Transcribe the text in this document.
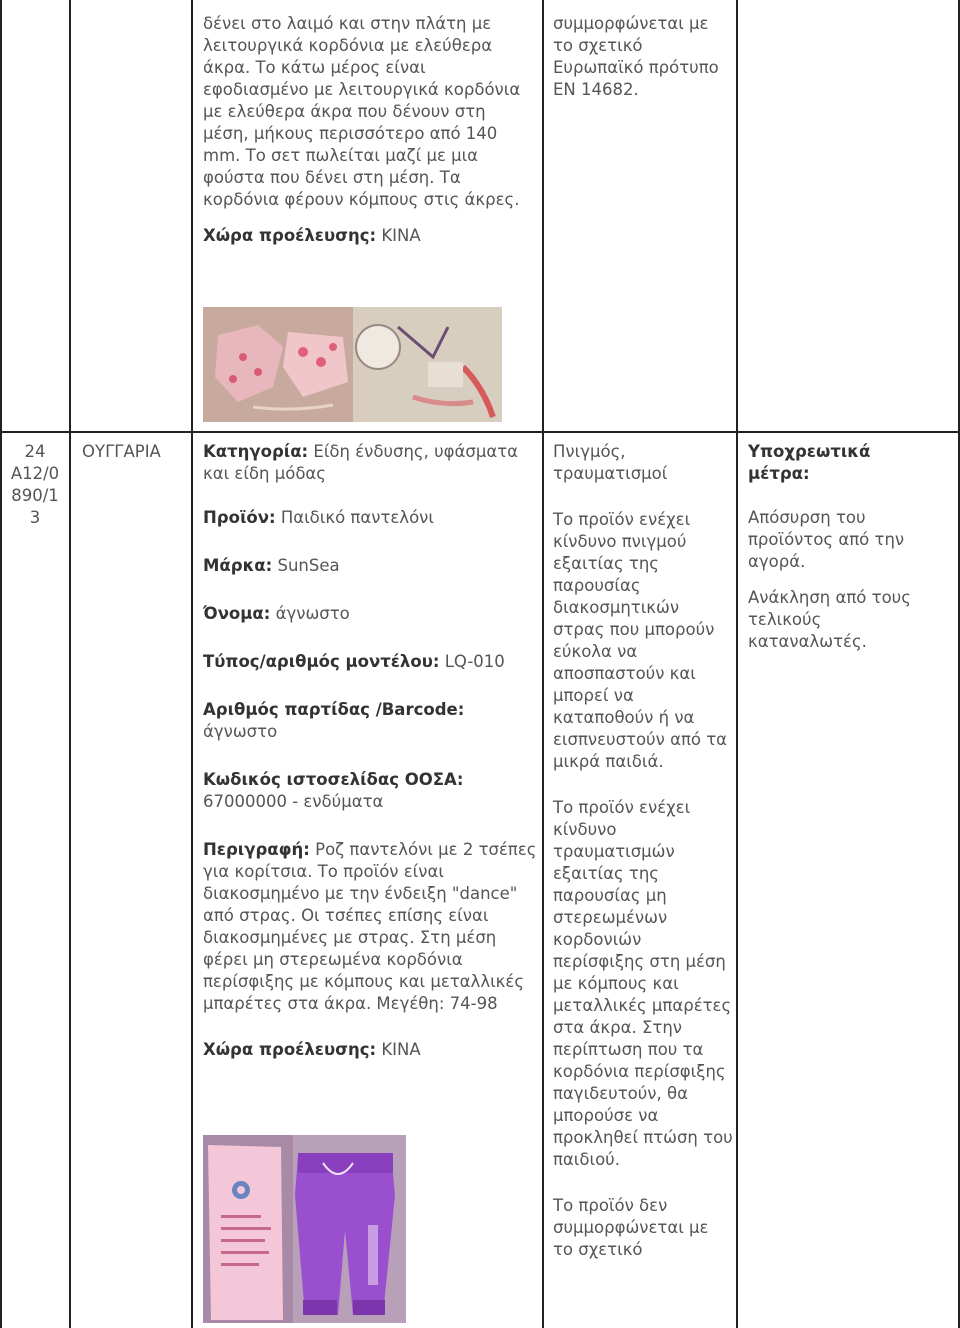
δένει στο λαιμό και στην πλάτη με λειτουργικά κορδόνια με ελεύθερα άκρα. Το κάτω μέρος είναι εφοδιασμένο με λειτουργικά κορδόνια με ελεύθερα άκρα που δένουν στη μέση, μήκους περισσότερο από 140 mm. Το σετ πωλείται μαζί με μια φούστα που δένει στη μέση. Τα κορδόνια φέρουν κόμπους στις άκρες.

Χώρα προέλευσης: ΚΙΝΑ

συμμορφώνεται με το σχετικό Ευρωπαϊκό πρότυπο EN 14682.

24

A12/0 890/1 3

ΟΥΓΓΑΡΙΑ	Κατηγορία: Είδη ένδυσης, υφάσματα και είδη μόδας

Προϊόν: Παιδικό παντελόνι

Μάρκα: SunSea

Όνομα: άγνωστο

Τύπος/αριθμός μοντέλου: LQ-010

Αριθμός παρτίδας /Barcode:
άγνωστο

Κωδικός ιστοσελίδας ΟΟΣΑ:
67000000 - ενδύματα

Περιγραφή: Ροζ παντελόνι με 2 τσέπες για κορίτσια. Το προϊόν είναι διακοσμημένο με την ένδειξη "dance" από στρας. Οι τσέπες επίσης είναι διακοσμημένες με στρας. Στη μέση φέρει μη στερεωμένα κορδόνια περίσφιξης με κόμπους και μεταλλικές μπαρέτες στα άκρα. Μεγέθη: 74-98

Χώρα προέλευσης: ΚΙΝΑ

Πνιγμός, τραυματισμοί

Το προϊόν ενέχει κίνδυνο πνιγμού εξαιτίας της παρουσίας διακοσμητικών στρας που μπορούν εύκολα να αποσπαστούν και μπορεί να καταποθούν ή να εισπνευστούν από τα μικρά παιδιά.

Το προϊόν ενέχει κίνδυνο τραυματισμών εξαιτίας της παρουσίας μη στερεωμένων κορδονιών περίσφιξης στη μέση με κόμπους και μεταλλικές μπαρέτες στα άκρα. Στην περίπτωση που τα κορδόνια περίσφιξης παγιδευτούν, θα μπορούσε να προκληθεί πτώση του παιδιού.

Το προϊόν δεν συμμορφώνεται με το σχετικό

Υποχρεωτικά μέτρα:

Απόσυρση του προϊόντος από την αγορά.

Ανάκληση από τους τελικούς καταναλωτές.
